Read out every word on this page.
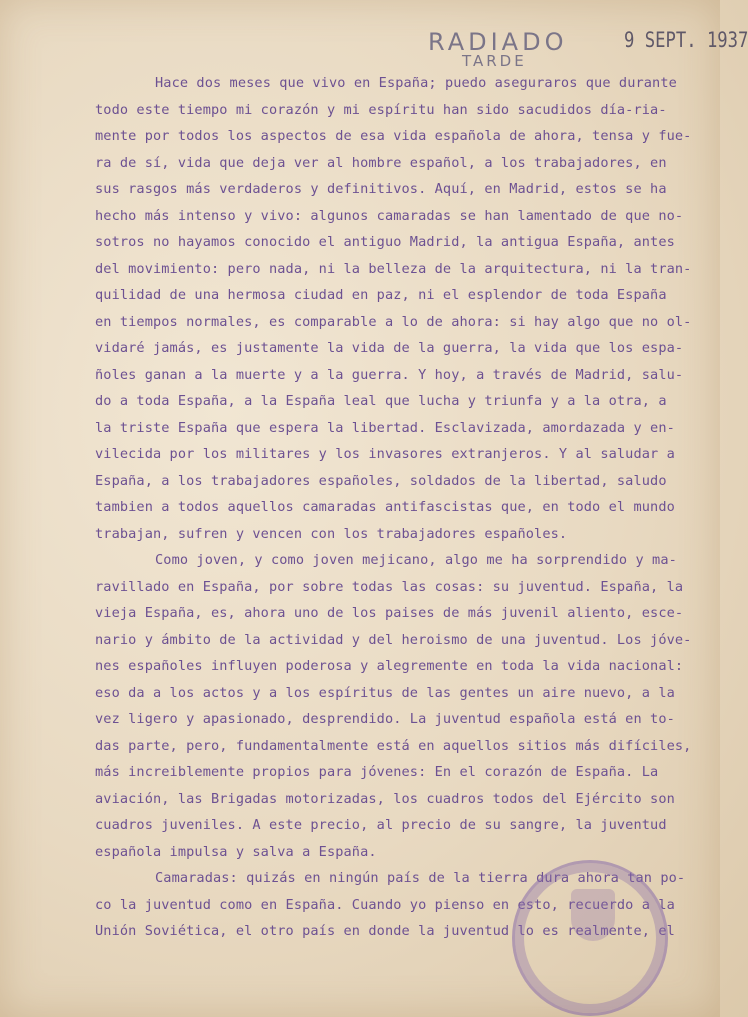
RADIADO
TARDE
9 SEPT. 1937
Hace dos meses que vivo en España; puedo aseguraros que durante
todo este tiempo mi corazón y mi espíritu han sido sacudidos día-ria-
mente por todos los aspectos de esa vida española de ahora, tensa y fue-
ra de sí, vida que deja ver al hombre español, a los trabajadores, en
sus rasgos más verdaderos y definitivos. Aquí, en Madrid, estos se ha
hecho más intenso y vivo: algunos camaradas se han lamentado de que no-
sotros no hayamos conocido el antiguo Madrid, la antigua España, antes
del movimiento: pero nada, ni la belleza de la arquitectura, ni la tran-
quilidad de una hermosa ciudad en paz, ni el esplendor de toda España
en tiempos normales, es comparable a lo de ahora: si hay algo que no ol-
vidaré jamás, es justamente la vida de la guerra, la vida que los espa-
ñoles ganan a la muerte y a la guerra. Y hoy, a través de Madrid, salu-
do a toda España, a la España leal que lucha y triunfa y a la otra, a
la triste España que espera la libertad. Esclavizada, amordazada y en-
vilecida por los militares y los invasores extranjeros. Y al saludar a
España, a los trabajadores españoles, soldados de la libertad, saludo
tambien a todos aquellos camaradas antifascistas que, en todo el mundo
trabajan, sufren y vencen con los trabajadores españoles.
Como joven, y como joven mejicano, algo me ha sorprendido y ma-
ravillado en España, por sobre todas las cosas: su juventud. España, la
vieja España, es, ahora uno de los paises de más juvenil aliento, esce-
nario y ámbito de la actividad y del heroismo de una juventud. Los jóve-
nes españoles influyen poderosa y alegremente en toda la vida nacional:
eso da a los actos y a los espíritus de las gentes un aire nuevo, a la
vez ligero y apasionado, desprendido. La juventud española está en to-
das parte, pero, fundamentalmente está en aquellos sitios más difíciles,
más increiblemente propios para jóvenes: En el corazón de España. La
aviación, las Brigadas motorizadas, los cuadros todos del Ejército son
cuadros juveniles. A este precio, al precio de su sangre, la juventud
española impulsa y salva a España.
Camaradas: quizás en ningún país de la tierra dura ahora tan po-
co la juventud como en España. Cuando yo pienso en esto, recuerdo a la
Unión Soviética, el otro país en donde la juventud lo es realmente, el
